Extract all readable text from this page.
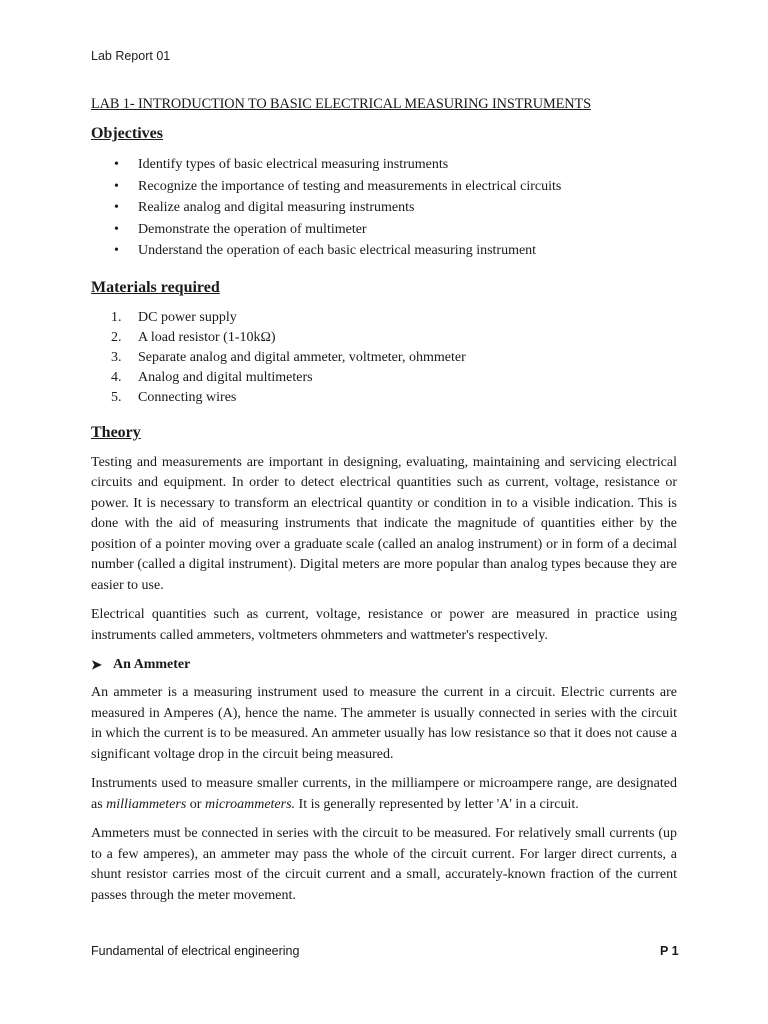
Lab Report 01
LAB 1- INTRODUCTION TO BASIC ELECTRICAL MEASURING INSTRUMENTS
Objectives
• Identify types of basic electrical measuring instruments
• Recognize the importance of testing and measurements in electrical circuits
• Realize analog and digital measuring instruments
• Demonstrate the operation of multimeter
• Understand the operation of each basic electrical measuring instrument
Materials required
1.	DC power supply
2.	A load resistor (1-10kΩ)
3.	Separate analog and digital ammeter, voltmeter, ohmmeter
4.	Analog and digital multimeters
5.	Connecting wires
Theory

Testing and measurements are important in designing, evaluating, maintaining and servicing electrical circuits and equipment. In order to detect electrical quantities such as current, voltage, resistance or power. It is necessary to transform an electrical quantity or condition in to a visible indication. This is done with the aid of measuring instruments that indicate the magnitude of quantities either by the position of a pointer moving over a graduate scale (called an analog instrument) or in form of a decimal number (called a digital instrument). Digital meters are more popular than analog types because they are easier to use.

Electrical quantities such as current, voltage, resistance or power are measured in practice using instruments called ammeters, voltmeters ohmmeters and wattmeter's respectively.

➤ An Ammeter

An ammeter is a measuring instrument used to measure the current in a circuit. Electric currents are measured in Amperes (A), hence the name. The ammeter is usually connected in series with the circuit in which the current is to be measured. An ammeter usually has low resistance so that it does not cause a significant voltage drop in the circuit being measured.

Instruments used to measure smaller currents, in the milliampere or microampere range, are designated as milliammeters or microammeters. It is generally represented by letter 'A' in a circuit.

Ammeters must be connected in series with the circuit to be measured. For relatively small currents (up to a few amperes), an ammeter may pass the whole of the circuit current. For larger direct currents, a shunt resistor carries most of the circuit current and a small, accurately-known fraction of the current passes through the meter movement.

Fundamental of electrical engineering	P 1
